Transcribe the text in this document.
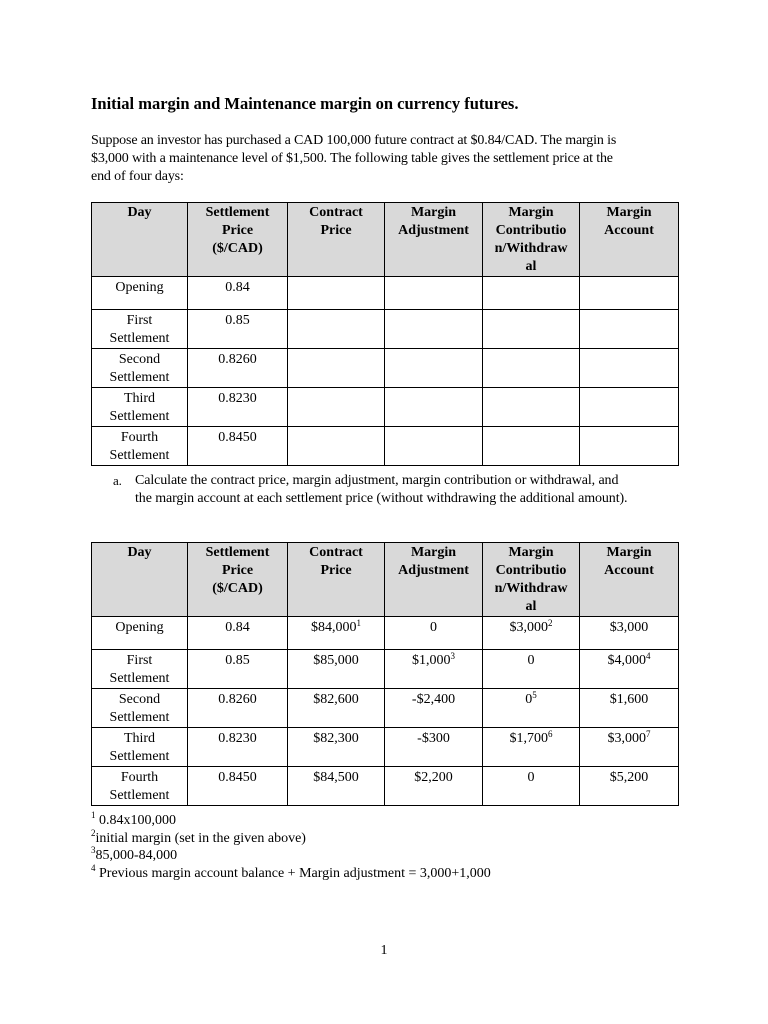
Initial margin and Maintenance margin on currency futures.
Suppose an investor has purchased a CAD 100,000 future contract at $0.84/CAD. The margin is
$3,000 with a maintenance level of $1,500. The following table gives the settlement price at the
end of four days:
Day	Settlement
Price
($/CAD)	Contract
Price	Margin
Adjustment	Margin
Contributio
n/Withdraw
al	Margin
Account
Opening	0.84				
First
Settlement	0.85				
Second
Settlement	0.8260				
Third
Settlement	0.8230				
Fourth
Settlement	0.8450				
a. Calculate the contract price, margin adjustment, margin contribution or withdrawal, and
the margin account at each settlement price (without withdrawing the additional amount).
Day	Settlement
Price
($/CAD)	Contract
Price	Margin
Adjustment	Margin
Contributio
n/Withdraw
al	Margin
Account
Opening	0.84	$84,000$^1$	0	$3,000$^2$	$3,000
First
Settlement	0.85	$85,000	$1,000$^3$	0	$4,000$^4$
Second
Settlement	0.8260	$82,600	-$2,400	$0^5$	$1,600
Third
Settlement	0.8230	$82,300	-$300	$1,700$^6$	$3,000$^7$
Fourth
Settlement	0.8450	$84,500	$2,200	0	$5,200
$^1$ 0.84x100,000
$^2$initial margin (set in the given above)
$^3$85,000-84,000
$^4$ Previous margin account balance + Margin adjustment = 3,000+1,000
1
